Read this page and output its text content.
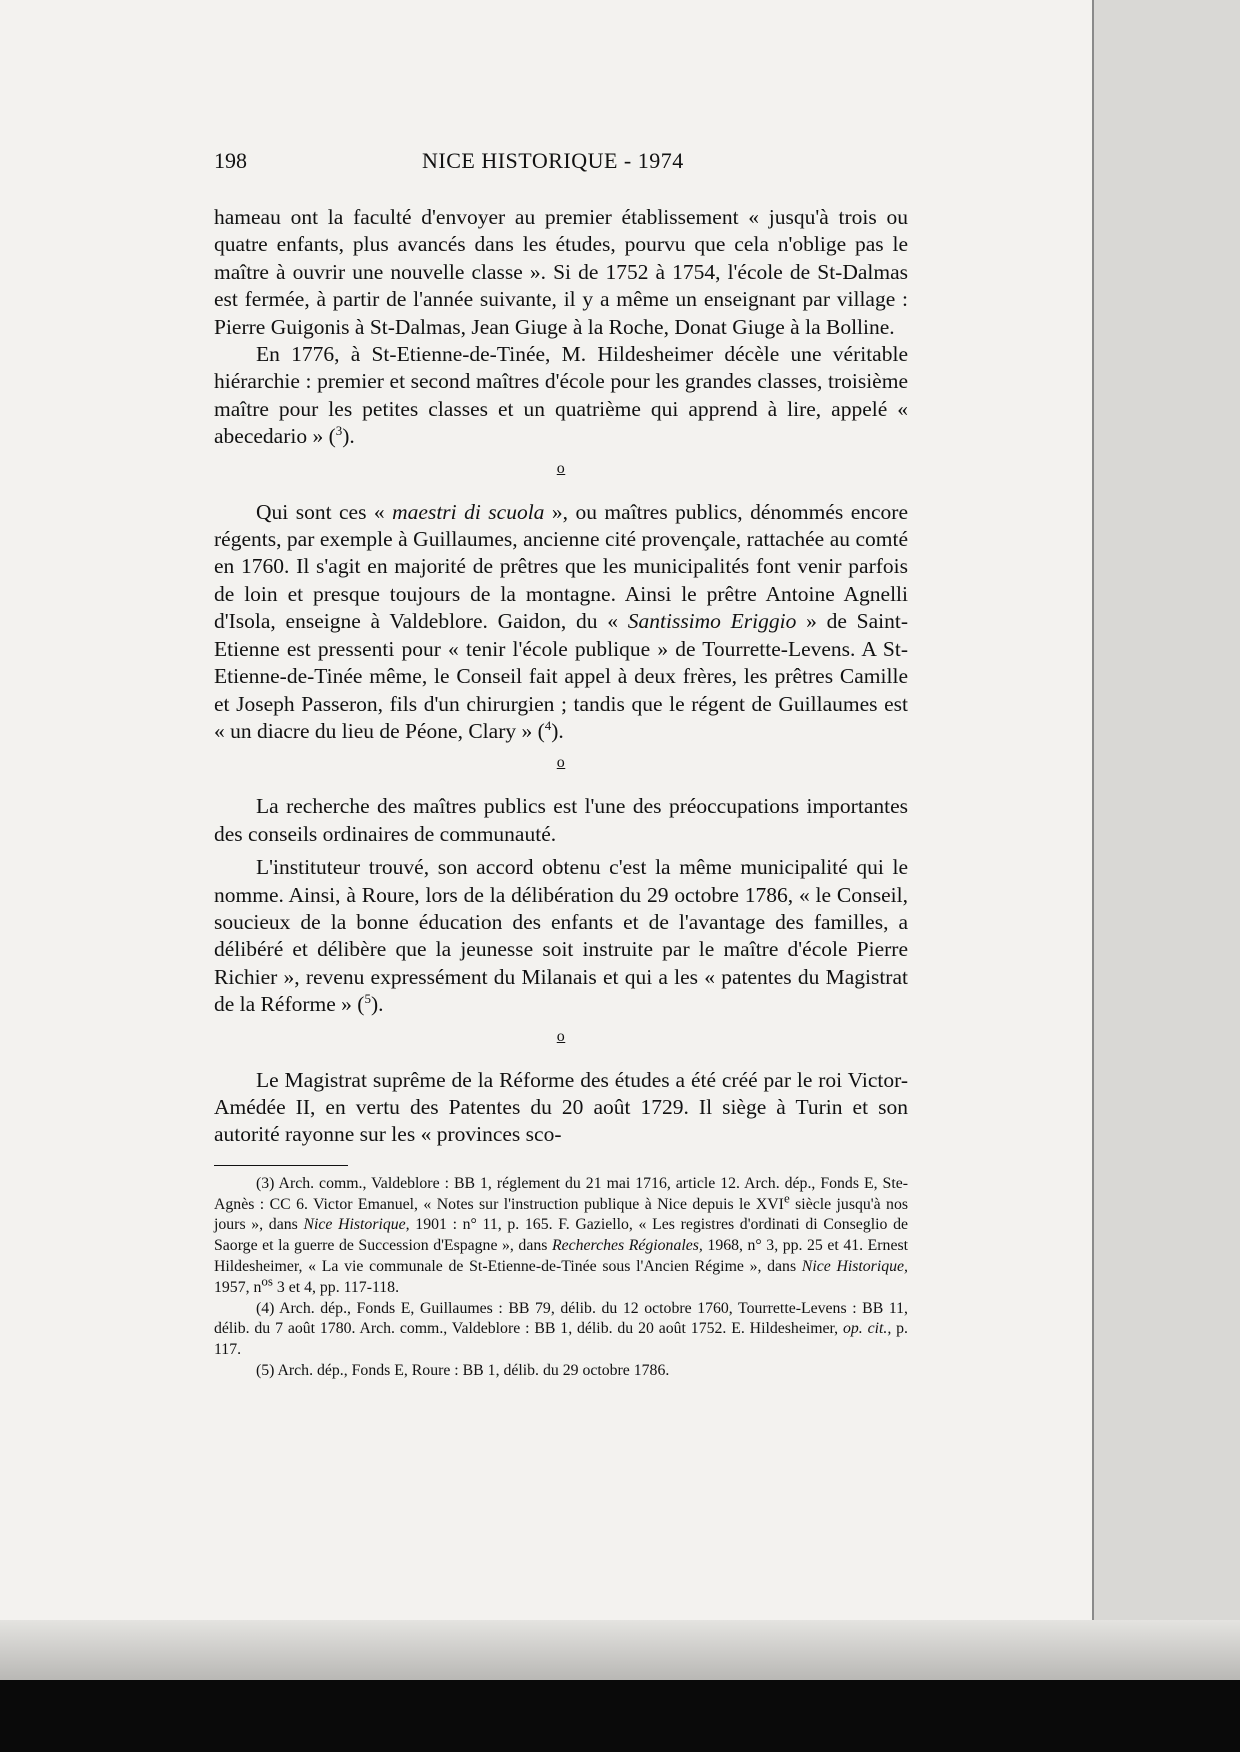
198	NICE HISTORIQUE - 1974

hameau ont la faculté d'envoyer au premier établissement « jusqu'à trois ou quatre enfants, plus avancés dans les études, pourvu que cela n'oblige pas le maître à ouvrir une nouvelle classe ». Si de 1752 à 1754, l'école de St-Dalmas est fermée, à partir de l'année suivante, il y a même un enseignant par village : Pierre Guigonis à St-Dalmas, Jean Giuge à la Roche, Donat Giuge à la Bolline.

En 1776, à St-Etienne-de-Tinée, M. Hildesheimer décèle une véritable hiérarchie : premier et second maîtres d'école pour les grandes classes, troisième maître pour les petites classes et un quatrième qui apprend à lire, appelé « abecedario » ($^3$).

o

Qui sont ces « maestri di scuola », ou maîtres publics, dénommés encore régents, par exemple à Guillaumes, ancienne cité provençale, rattachée au comté en 1760. Il s'agit en majorité de prêtres que les municipalités font venir parfois de loin et presque toujours de la montagne. Ainsi le prêtre Antoine Agnelli d'Isola, enseigne à Valdeblore. Gaidon, du « Santissimo Eriggio » de Saint-Etienne est pressenti pour « tenir l'école publique » de Tourrette-Levens. A St-Etienne-de-Tinée même, le Conseil fait appel à deux frères, les prêtres Camille et Joseph Passeron, fils d'un chirurgien ; tandis que le régent de Guillaumes est « un diacre du lieu de Péone, Clary » ($^4$).

o

La recherche des maîtres publics est l'une des préoccupations importantes des conseils ordinaires de communauté.

L'instituteur trouvé, son accord obtenu c'est la même municipalité qui le nomme. Ainsi, à Roure, lors de la délibération du 29 octobre 1786, « le Conseil, soucieux de la bonne éducation des enfants et de l'avantage des familles, a délibéré et délibère que la jeunesse soit instruite par le maître d'école Pierre Richier », revenu expressément du Milanais et qui a les « patentes du Magistrat de la Réforme » ($^5$).

o

Le Magistrat suprême de la Réforme des études a été créé par le roi Victor-Amédée II, en vertu des Patentes du 20 août 1729. Il siège à Turin et son autorité rayonne sur les « provinces sco-

(3) Arch. comm., Valdeblore : BB 1, réglement du 21 mai 1716, article 12. Arch. dép., Fonds E, Ste-Agnès : CC 6. Victor Emanuel, « Notes sur l'instruction publique à Nice depuis le XVIe siècle jusqu'à nos jours », dans Nice Historique, 1901 : n° 11, p. 165. F. Gaziello, « Les registres d'ordinati di Conseglio de Saorge et la guerre de Succession d'Espagne », dans Recherches Régionales, 1968, n° 3, pp. 25 et 41. Ernest Hildesheimer, « La vie communale de St-Etienne-de-Tinée sous l'Ancien Régime », dans Nice Historique, 1957, $n^{os}$ 3 et 4, pp. 117-118.

(4) Arch. dép., Fonds E, Guillaumes : BB 79, délib. du 12 octobre 1760, Tourrette-Levens : BB 11, délib. du 7 août 1780. Arch. comm., Valdeblore : BB 1, délib. du 20 août 1752. E. Hildesheimer, op. cit., p. 117.

(5) Arch. dép., Fonds E, Roure : BB 1, délib. du 29 octobre 1786.
